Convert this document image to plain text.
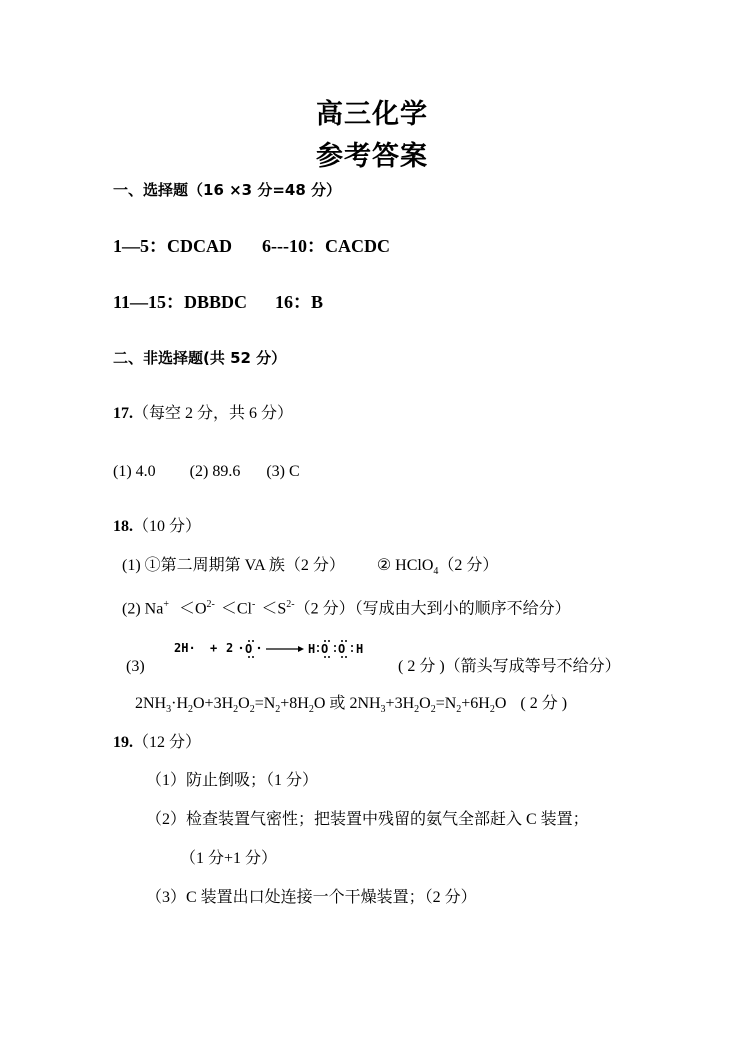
高三化学
参考答案
一、选择题（16 ×3 分=48 分）
1—5：CDCAD 6---10：CACDC
11—15：DBBDC 16：B
二、非选择题(共 52 分）
17.（每空 2 分，共 6 分）
(1) 4.0 (2) 89.6 (3) C
18.（10 分）
(1) ①第二周期第 VA 族（2 分） ② HClO$_4$（2 分）
(2) $Na^+ <O^{2-} <Cl^- <S^{2-}(2$ 分）（写成由大到小的顺序不给分）
2H· + 2 O	H O O H
(3)	( 2 分 )（箭头写成等号不给分）
$2NH_3\cdot H_2O+3H_2O_2=N_2+8H_2O$ 或 $2NH_3+3H_2O_2=N_2+6H_2O$ ( 2 分 )
19.（12 分）
（1）防止倒吸；（1 分）
（2）检查装置气密性；把装置中残留的氨气全部赶入 C 装置；
（1 分+1 分）
（3）C 装置出口处连接一个干燥装置；（2 分）
